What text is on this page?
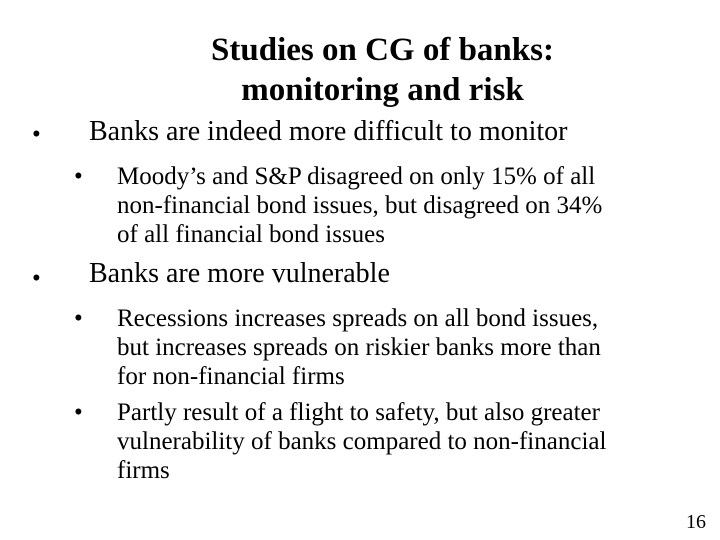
Studies on CG of banks:
monitoring and risk
• Banks are indeed more difficult to monitor
• Moody’s and S&P disagreed on only 15% of all
non-financial bond issues, but disagreed on 34%
of all financial bond issues
• Banks are more vulnerable
• Recessions increases spreads on all bond issues,
but increases spreads on riskier banks more than
for non-financial firms
• Partly result of a flight to safety, but also greater
vulnerability of banks compared to non-financial
firms
16
